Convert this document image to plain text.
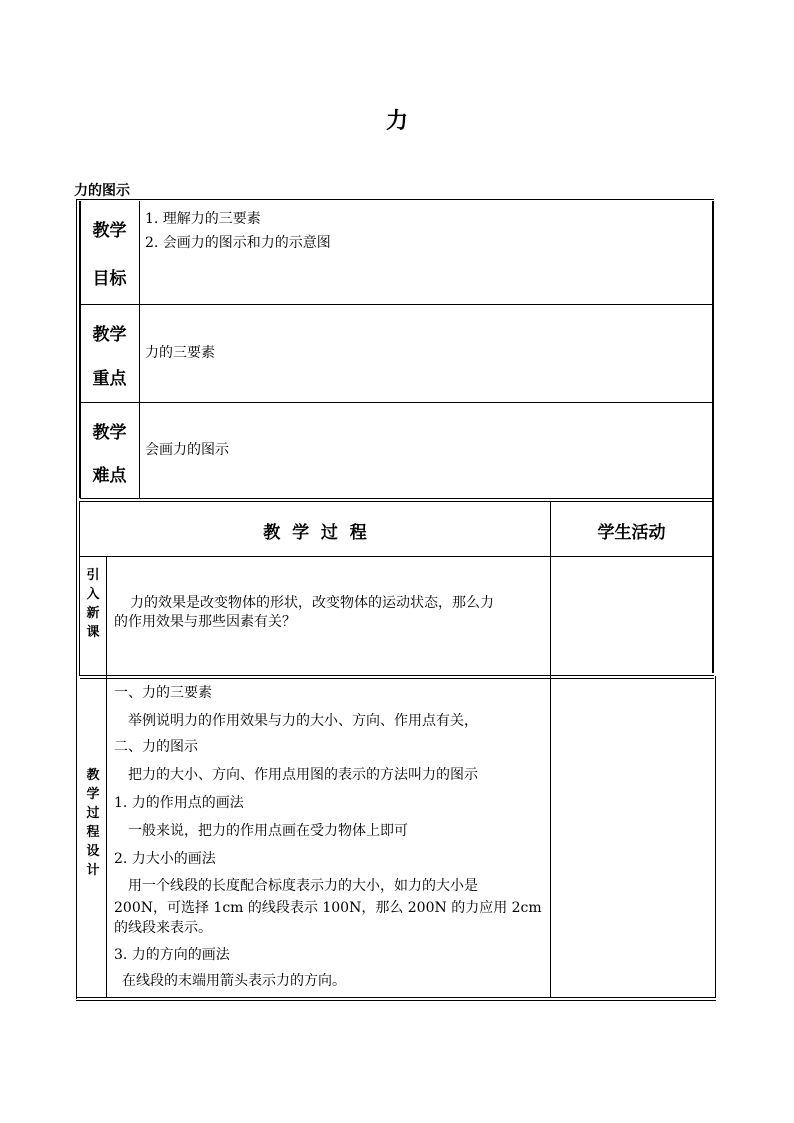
力
力的图示
教学
目标
1. 理解力的三要素
2. 会画力的图示和力的示意图
教学
重点
力的三要素
教学
难点
会画力的图示
教  学  过  程	学生活动
引
入
新
课
力的效果是改变物体的形状，改变物体的运动状态，那么力
的作用效果与那些因素有关？
教
学
过
程
设
计
一、力的三要素
举例说明力的作用效果与力的大小、方向、作用点有关，
二、力的图示
把力的大小、方向、作用点用图的表示的方法叫力的图示
1. 力的作用点的画法
一般来说，把力的作用点画在受力物体上即可
2. 力大小的画法
用一个线段的长度配合标度表示力的大小，如力的大小是
200N，可选择 1cm 的线段表示 100N，那么 200N 的力应用 2cm
的线段来表示。
3. 力的方向的画法
在线段的末端用箭头表示力的方向。
